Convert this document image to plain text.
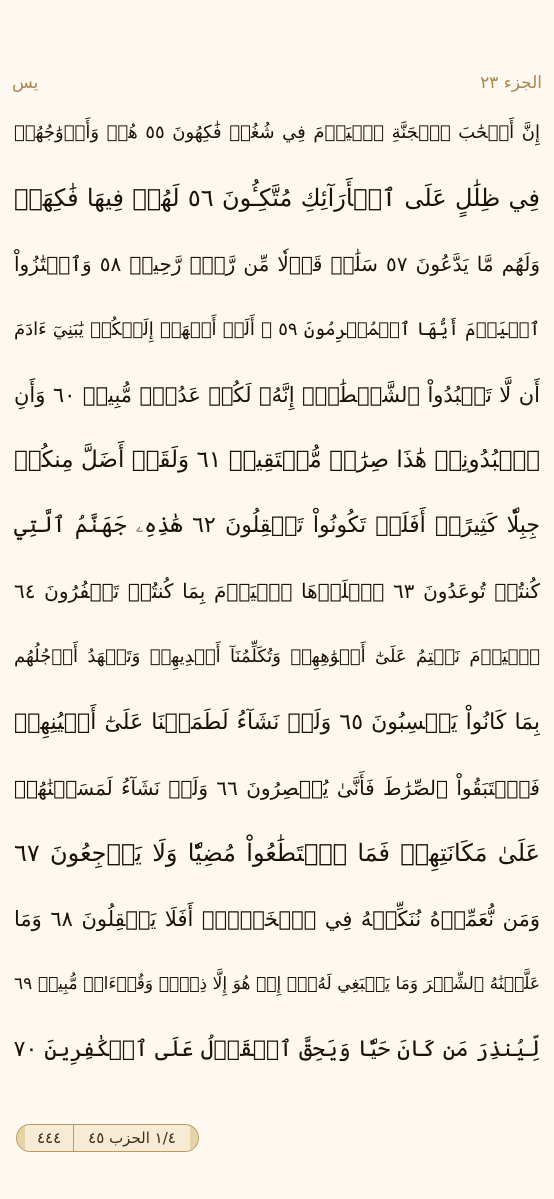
يس	الجزء ٢٣
إِنَّ أَصۡحَٰبَ ٱلۡجَنَّةِ ٱلۡيَوۡمَ فِي شُغُلٖ فَٰكِهُونَ ٥٥ هُمۡ وَأَزۡوَٰجُهُمۡ
فِي ظِلَٰلٍ عَلَى ٱلۡأَرَآئِكِ مُتَّكِـُٔونَ ٥٦ لَهُمۡ فِيهَا فَٰكِهَةٞ
وَلَهُم مَّا يَدَّعُونَ ٥٧ سَلَٰمٞ قَوۡلٗا مِّن رَّبّٖ رَّحِيمٖ ٥٨ وَٱمۡتَٰزُواْ
ٱلۡيَوۡمَ أَيُّهَا ٱلۡمُجۡرِمُونَ ٥٩ ۞ أَلَمۡ أَعۡهَدۡ إِلَيۡكُمۡ يَٰبَنِيٓ ءَادَمَ
أَن لَّا تَعۡبُدُواْ ٱلشَّيۡطَٰنَۖ إِنَّهُۥ لَكُمۡ عَدُوّٞ مُّبِينٞ ٦٠ وَأَنِ
ٱعۡبُدُونِيۚ هَٰذَا صِرَٰطٞ مُّسۡتَقِيمٞ ٦١ وَلَقَدۡ أَضَلَّ مِنكُمۡ
جِبِلّٗا كَثِيرًاۖ أَفَلَمۡ تَكُونُواْ تَعۡقِلُونَ ٦٢ هَٰذِهِۦ جَهَنَّمُ ٱلَّتِي
كُنتُمۡ تُوعَدُونَ ٦٣ ٱصۡلَوۡهَا ٱلۡيَوۡمَ بِمَا كُنتُمۡ تَكۡفُرُونَ ٦٤
ٱلۡيَوۡمَ نَخۡتِمُ عَلَىٰٓ أَفۡوَٰهِهِمۡ وَتُكَلِّمُنَآ أَيۡدِيهِمۡ وَتَشۡهَدُ أَرۡجُلُهُم
بِمَا كَانُواْ يَكۡسِبُونَ ٦٥ وَلَوۡ نَشَآءُ لَطَمَسۡنَا عَلَىٰٓ أَعۡيُنِهِمۡ
فَٱسۡتَبَقُواْ ٱلصِّرَٰطَ فَأَنَّىٰ يُبۡصِرُونَ ٦٦ وَلَوۡ نَشَآءُ لَمَسَخۡنَٰهُمۡ
عَلَىٰ مَكَانَتِهِمۡ فَمَا ٱسۡتَطَٰعُواْ مُضِيّٗا وَلَا يَرۡجِعُونَ ٦٧
وَمَن نُّعَمِّرۡهُ نُنَكِّسۡهُ فِي ٱلۡخَلۡقِۚ أَفَلَا يَعۡقِلُونَ ٦٨ وَمَا
عَلَّمۡنَٰهُ ٱلشِّعۡرَ وَمَا يَنۢبَغِي لَهُۥٓۚ إِنۡ هُوَ إِلَّا ذِكۡرٞ وَقُرۡءَانٞ مُّبِينٞ ٦٩
لِّيُنذِرَ مَن كَانَ حَيّٗا وَيَحِقَّ ٱلۡقَوۡلُ عَلَى ٱلۡكَٰفِرِينَ ٧٠
٤٤٤	١/٤ الحزب ٤٥
